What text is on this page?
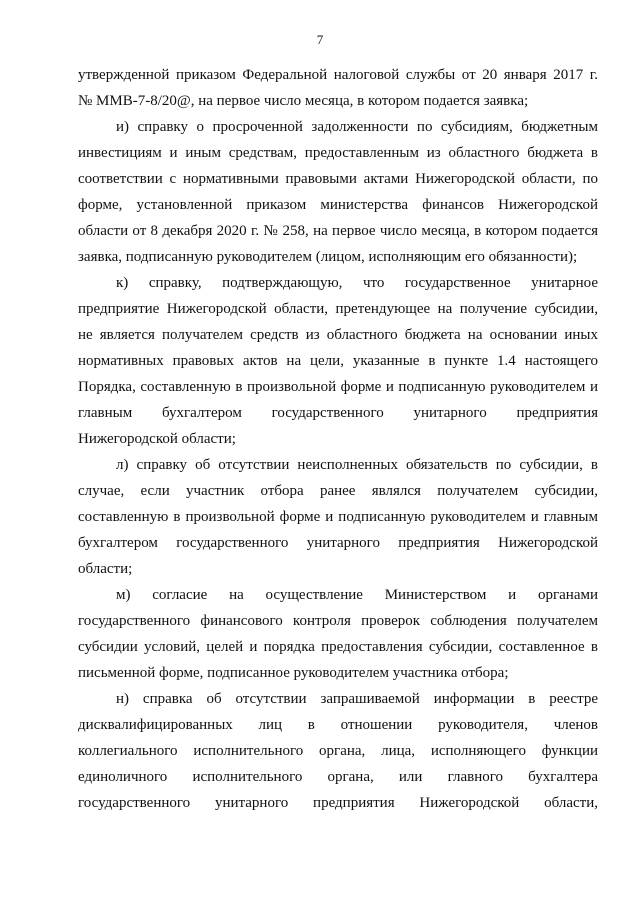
7

утвержденной приказом Федеральной налоговой службы от 20 января 2017 г.
№ ММВ-7-8/20@, на первое число месяца, в котором подается заявка;

и) справку о просроченной задолженности по субсидиям, бюджетным
инвестициям и иным средствам, предоставленным из областного бюджета в
соответствии с нормативными правовыми актами Нижегородской области, по
форме, установленной приказом министерства финансов Нижегородской
области от 8 декабря 2020 г. № 258, на первое число месяца, в котором подается
заявка, подписанную руководителем (лицом, исполняющим его обязанности);

к) справку, подтверждающую, что государственное унитарное
предприятие Нижегородской области, претендующее на получение субсидии,
не является получателем средств из областного бюджета на основании иных
нормативных правовых актов на цели, указанные в пункте 1.4 настоящего
Порядка, составленную в произвольной форме и подписанную руководителем и
главным бухгалтером государственного унитарного предприятия
Нижегородской области;

л) справку об отсутствии неисполненных обязательств по субсидии, в
случае, если участник отбора ранее являлся получателем субсидии,
составленную в произвольной форме и подписанную руководителем и главным
бухгалтером государственного унитарного предприятия Нижегородской
области;

м) согласие на осуществление Министерством и органами
государственного финансового контроля проверок соблюдения получателем
субсидии условий, целей и порядка предоставления субсидии, составленное в
письменной форме, подписанное руководителем участника отбора;

н) справка об отсутствии запрашиваемой информации в реестре
дисквалифицированных лиц в отношении руководителя, членов
коллегиального исполнительного органа, лица, исполняющего функции
единоличного исполнительного органа, или главного бухгалтера
государственного унитарного предприятия Нижегородской области,
